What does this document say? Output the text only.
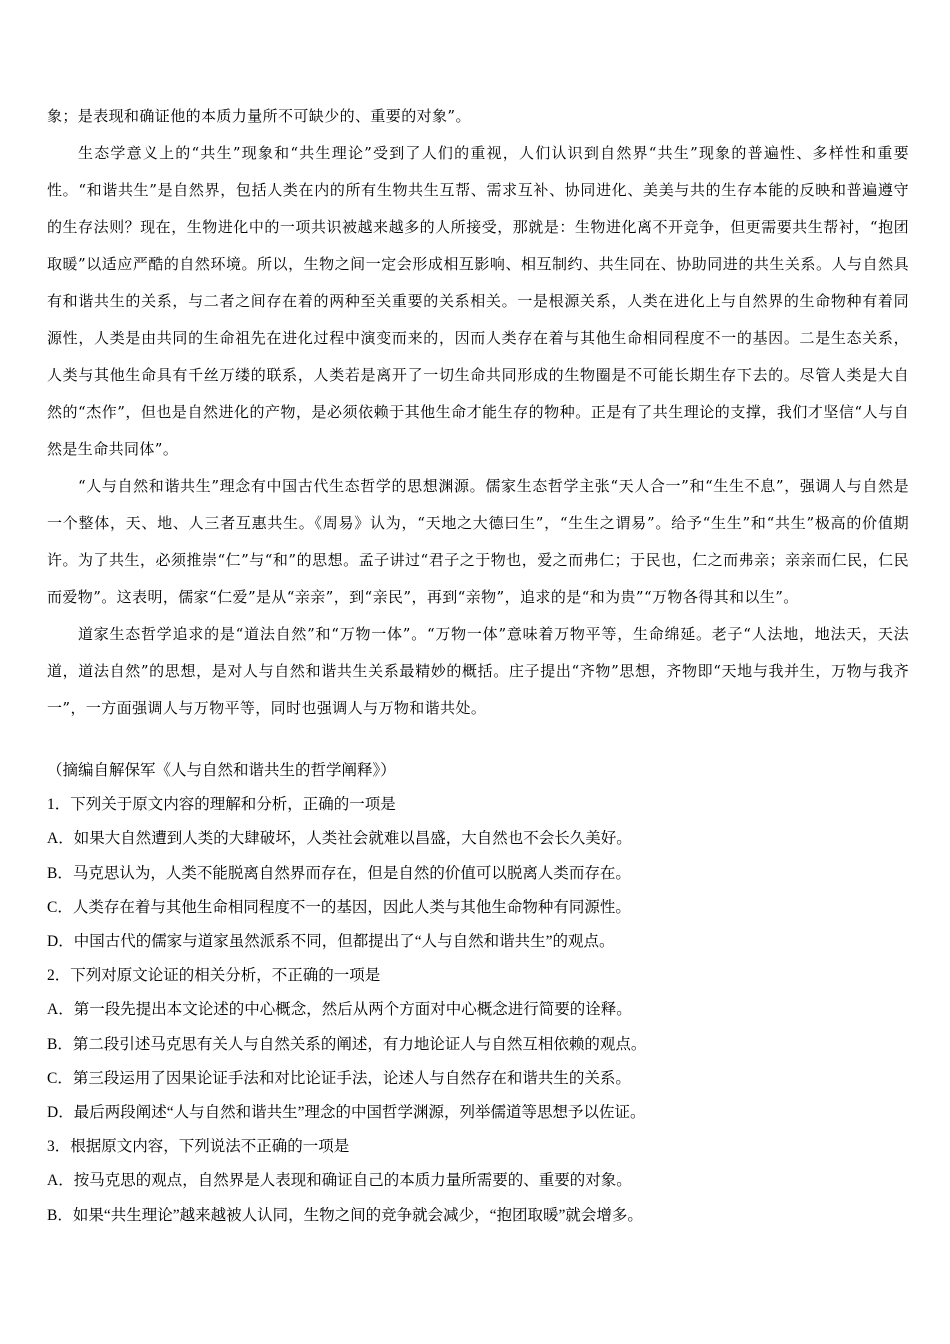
象；是表现和确证他的本质力量所不可缺少的、重要的对象”。

生态学意义上的“共生”现象和“共生理论”受到了人们的重视，人们认识到自然界“共生”现象的普遍性、多样性和重要性。“和谐共生”是自然界，包括人类在内的所有生物共生互帮、需求互补、协同进化、美美与共的生存本能的反映和普遍遵守的生存法则？现在，生物进化中的一项共识被越来越多的人所接受，那就是：生物进化离不开竞争，但更需要共生帮衬，“抱团取暖”以适应严酷的自然环境。所以，生物之间一定会形成相互影响、相互制约、共生同在、协助同进的共生关系。人与自然具有和谐共生的关系，与二者之间存在着的两种至关重要的关系相关。一是根源关系，人类在进化上与自然界的生命物种有着同源性，人类是由共同的生命祖先在进化过程中演变而来的，因而人类存在着与其他生命相同程度不一的基因。二是生态关系，人类与其他生命具有千丝万缕的联系，人类若是离开了一切生命共同形成的生物圈是不可能长期生存下去的。尽管人类是大自然的“杰作”，但也是自然进化的产物，是必须依赖于其他生命才能生存的物种。正是有了共生理论的支撑，我们才坚信“人与自然是生命共同体”。

“人与自然和谐共生”理念有中国古代生态哲学的思想渊源。儒家生态哲学主张“天人合一”和“生生不息”，强调人与自然是一个整体，天、地、人三者互惠共生。《周易》认为，“天地之大德曰生”，“生生之谓易”。给予“生生”和“共生”极高的价值期许。为了共生，必须推崇“仁”与“和”的思想。孟子讲过“君子之于物也，爱之而弗仁；于民也，仁之而弗亲；亲亲而仁民，仁民而爱物”。这表明，儒家“仁爱”是从“亲亲”，到“亲民”，再到“亲物”，追求的是“和为贵”“万物各得其和以生”。

道家生态哲学追求的是“道法自然”和“万物一体”。“万物一体”意味着万物平等，生命绵延。老子“人法地，地法天，天法道，道法自然”的思想，是对人与自然和谐共生关系最精妙的概括。庄子提出“齐物”思想，齐物即“天地与我并生，万物与我齐一”，一方面强调人与万物平等，同时也强调人与万物和谐共处。

（摘编自解保军《人与自然和谐共生的哲学阐释》）

1．下列关于原文内容的理解和分析，正确的一项是

A．如果大自然遭到人类的大肆破坏，人类社会就难以昌盛，大自然也不会长久美好。

B．马克思认为，人类不能脱离自然界而存在，但是自然的价值可以脱离人类而存在。

C．人类存在着与其他生命相同程度不一的基因，因此人类与其他生命物种有同源性。

D．中国古代的儒家与道家虽然派系不同，但都提出了“人与自然和谐共生”的观点。

2．下列对原文论证的相关分析，不正确的一项是

A．第一段先提出本文论述的中心概念，然后从两个方面对中心概念进行简要的诠释。

B．第二段引述马克思有关人与自然关系的阐述，有力地论证人与自然互相依赖的观点。

C．第三段运用了因果论证手法和对比论证手法，论述人与自然存在和谐共生的关系。

D．最后两段阐述“人与自然和谐共生”理念的中国哲学渊源，列举儒道等思想予以佐证。

3．根据原文内容，下列说法不正确的一项是

A．按马克思的观点，自然界是人表现和确证自己的本质力量所需要的、重要的对象。

B．如果“共生理论”越来越被人认同，生物之间的竞争就会减少，“抱团取暖”就会增多。
